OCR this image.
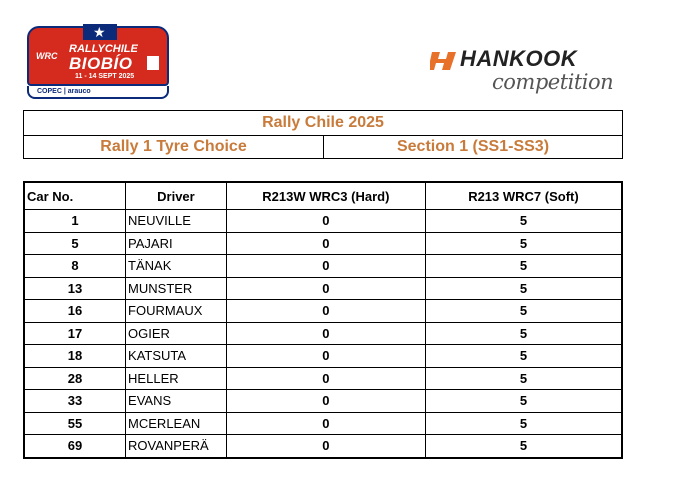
WRC
RALLYCHILE
BIOBÍO
11 - 14 SEPT 2025
★
COPEC | arauco
HANKOOK
competition
Rally Chile 2025
Rally 1 Tyre Choice	Section 1 (SS1-SS3)
Car No.	Driver	R213W WRC3 (Hard)	R213 WRC7 (Soft)
1	NEUVILLE	0	5
5	PAJARI	0	5
8	TÄNAK	0	5
13	MUNSTER	0	5
16	FOURMAUX	0	5
17	OGIER	0	5
18	KATSUTA	0	5
28	HELLER	0	5
33	EVANS	0	5
55	MCERLEAN	0	5
69	ROVANPERÄ	0	5
